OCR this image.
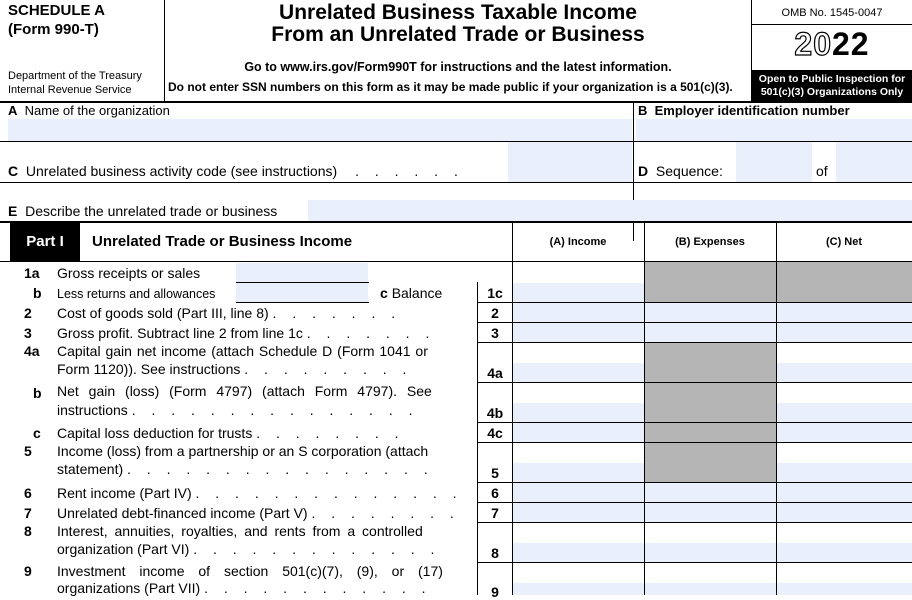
SCHEDULE A
(Form 990-T)
Department of the Treasury
Internal Revenue Service
Unrelated Business Taxable Income
From an Unrelated Trade or Business
Go to www.irs.gov/Form990T for instructions and the latest information.
Do not enter SSN numbers on this form as it may be made public if your organization is a 501(c)(3).
OMB No. 1545-0047
2022
Open to Public Inspection for
501(c)(3) Organizations Only
A Name of the organization	B Employer identification number
C Unrelated business activity code (see instructions) . . . . . .	D Sequence:	of
E Describe the unrelated trade or business
Part I	Unrelated Trade or Business Income	(A) Income	(B) Expenses	(C) Net
1a Gross receipts or sales
b Less returns and allowances	c Balance	1c
2 Cost of goods sold (Part III, line 8) . . . . . . .	2
3 Gross profit. Subtract line 2 from line 1c . . . . . . .	3
4a Capital gain net income (attach Schedule D (Form 1041 or
Form 1120)). See instructions . . . . . . . . .	4a
b Net gain (loss) (Form 4797) (attach Form 4797). See
instructions . . . . . . . . . . . . . . .	4b
c Capital loss deduction for trusts . . . . . . . .	4c
5 Income (loss) from a partnership or an S corporation (attach
statement) . . . . . . . . . . . . . . . .	5
6 Rent income (Part IV) . . . . . . . . . . . . . .	6
7 Unrelated debt-financed income (Part V) . . . . . . . .	7
8 Interest, annuities, royalties, and rents from a controlled
organization (Part VI) . . . . . . . . . . . . .	8
9 Investment income of section 501(c)(7), (9), or (17)
organizations (Part VII) . . . . . . . . . . . .	9
